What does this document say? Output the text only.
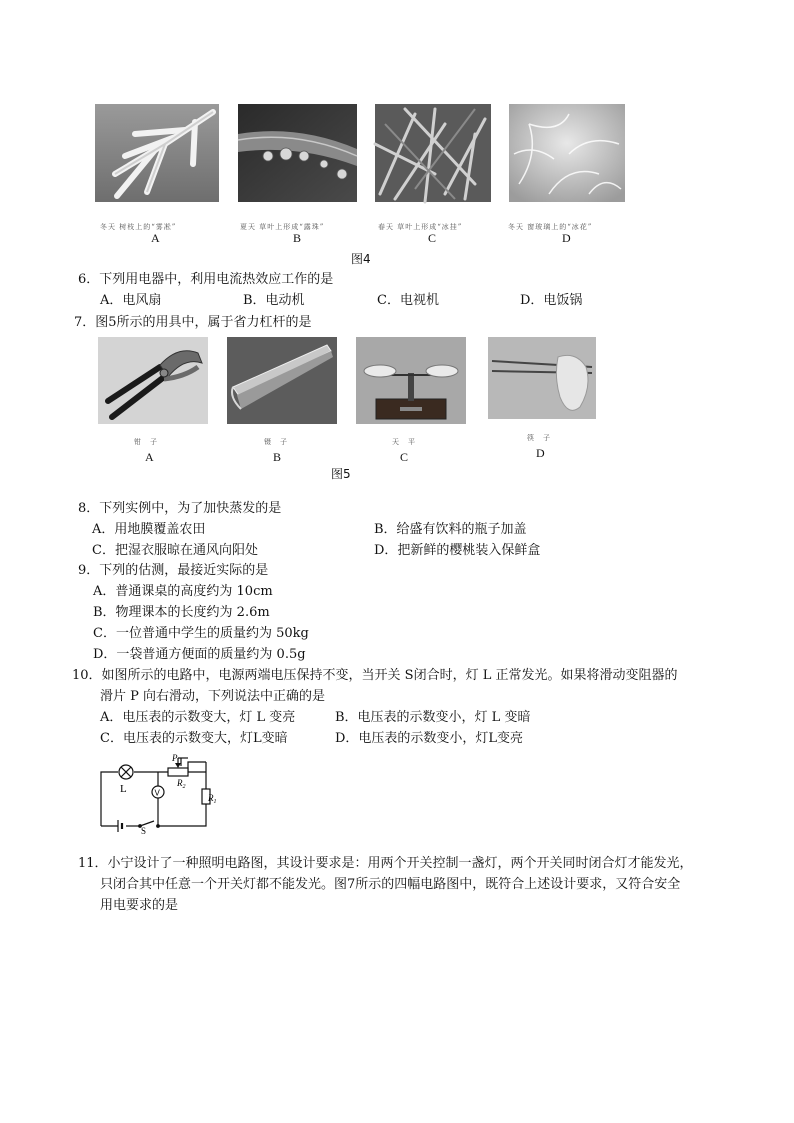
冬天 树枝上的“雾凇”	夏天 草叶上形成“露珠”	春天 草叶上形成“冰挂”	冬天 窗玻璃上的“冰花”
A	B	C	D
图4
6．下列用电器中，利用电流热效应工作的是
A．电风扇	B．电动机	C．电视机	D．电饭锅
7．图5所示的用具中，属于省力杠杆的是
钳　子	镊　子	天　平	筷　子
A	B	C	D
图5
8．下列实例中，为了加快蒸发的是
A．用地膜覆盖农田	B．给盛有饮料的瓶子加盖
C．把湿衣服晾在通风向阳处	D．把新鲜的樱桃装入保鲜盒
9．下列的估测，最接近实际的是
A．普通课桌的高度约为 10cm
B．物理课本的长度约为 2.6m
C．一位普通中学生的质量约为 50kg
D．一袋普通方便面的质量约为 0.5g
10．如图所示的电路中，电源两端电压保持不变，当开关 S闭合时，灯 L 正常发光。如果将滑动变阻器的
滑片 P 向右滑动，下列说法中正确的是
A．电压表的示数变大，灯 L 变亮	B．电压表的示数变小，灯 L 变暗
C．电压表的示数变大，灯L变暗	D．电压表的示数变小，灯L变亮
L	V
P
$R_2$
$R_1$
S
11．小宁设计了一种照明电路图，其设计要求是：用两个开关控制一盏灯，两个开关同时闭合灯才能发光，
只闭合其中任意一个开关灯都不能发光。图7所示的四幅电路图中，既符合上述设计要求，又符合安全
用电要求的是
